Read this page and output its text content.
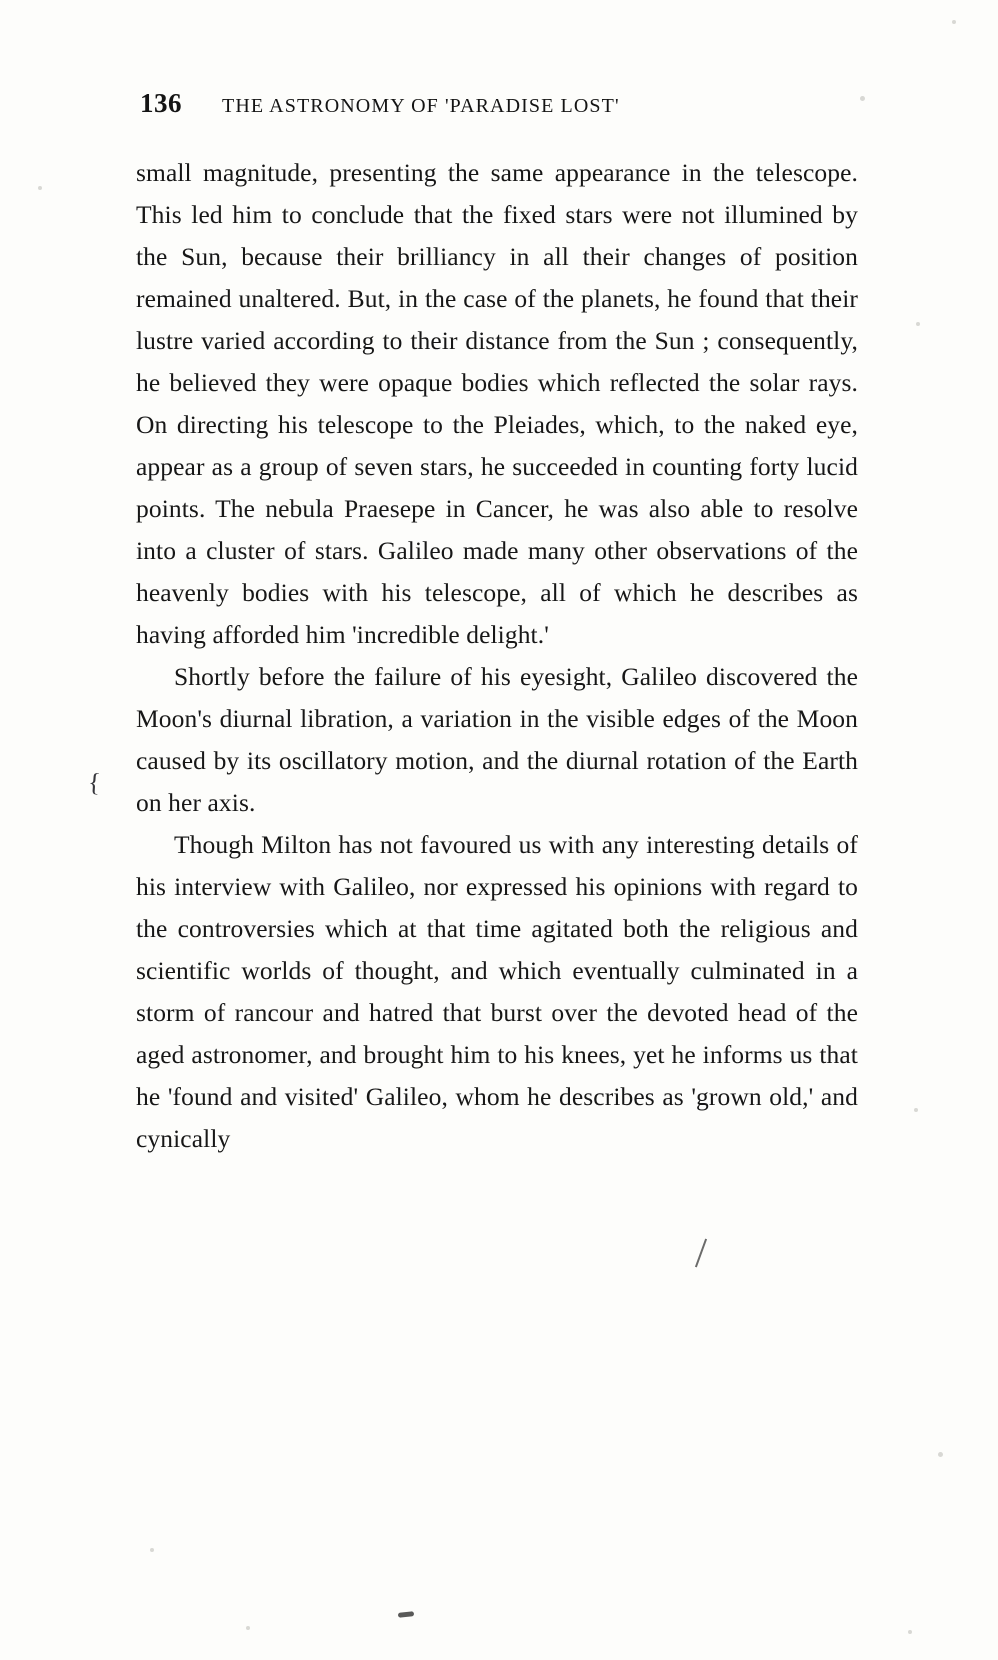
136 THE ASTRONOMY OF 'PARADISE LOST'
{

small magnitude, presenting the same appearance in the telescope. This led him to conclude that the fixed stars were not illumined by the Sun, because their brilliancy in all their changes of position remained unaltered. But, in the case of the planets, he found that their lustre varied according to their distance from the Sun ; consequently, he believed they were opaque bodies which reflected the solar rays. On directing his telescope to the Pleiades, which, to the naked eye, appear as a group of seven stars, he succeeded in counting forty lucid points. The nebula Praesepe in Cancer, he was also able to resolve into a cluster of stars. Galileo made many other observations of the heavenly bodies with his telescope, all of which he describes as having afforded him 'incredible delight.'

Shortly before the failure of his eyesight, Galileo discovered the Moon's diurnal libration, a variation in the visible edges of the Moon caused by its oscillatory motion, and the diurnal rotation of the Earth on her axis.

Though Milton has not favoured us with any interesting details of his interview with Galileo, nor expressed his opinions with regard to the controversies which at that time agitated both the religious and scientific worlds of thought, and which eventually culminated in a storm of rancour and hatred that burst over the devoted head of the aged astronomer, and brought him to his knees, yet he informs us that he 'found and visited' Galileo, whom he describes as 'grown old,' and cynically
